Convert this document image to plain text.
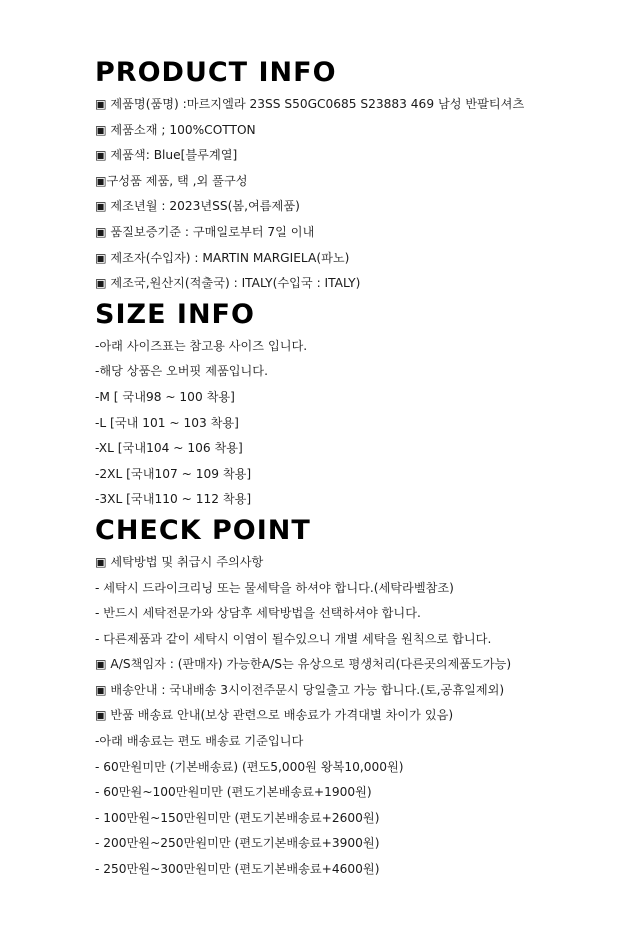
PRODUCT INFO
▣ 제품명(품명) :마르지엘라 23SS S50GC0685 S23883 469 남성 반팔티셔츠
▣ 제품소재 ; 100%COTTON
▣ 제품색: Blue[블루계열]
▣구성품 제품, 택 ,외 풀구성
▣ 제조년월 : 2023년SS(봄,여름제품)
▣ 품질보증기준 : 구매일로부터 7일 이내
▣ 제조자(수입자) : MARTIN MARGIELA(파노)
▣ 제조국,원산지(적출국) : ITALY(수입국 : ITALY)
SIZE INFO
-아래 사이즈표는 참고용 사이즈 입니다.
-해당 상품은 오버핏 제품입니다.
-M [ 국내98 ~ 100 착용]
-L [국내 101 ~ 103 착용]
-XL [국내104 ~ 106 착용]
-2XL [국내107 ~ 109 착용]
-3XL [국내110 ~ 112 착용]
CHECK POINT
▣ 세탁방법 및 취급시 주의사항
- 세탁시 드라이크리닝 또는 물세탁을 하셔야 합니다.(세탁라벨참조)
- 반드시 세탁전문가와 상담후 세탁방법을 선택하셔야 합니다.
- 다른제품과 같이 세탁시 이염이 될수있으니 개별 세탁을 원칙으로 합니다.
▣ A/S책임자 : (판매자) 가능한A/S는 유상으로 평생처리(다른곳의제품도가능)
▣ 배송안내 : 국내배송 3시이전주문시 당일출고 가능 합니다.(토,공휴일제외)
▣ 반품 배송료 안내(보상 관련으로 배송료가 가격대별 차이가 있음)
-아래 배송료는 편도 배송료 기준입니다
- 60만원미만 (기본배송료) (편도5,000원 왕복10,000원)
- 60만원~100만원미만 (편도기본배송료+1900원)
- 100만원~150만원미만 (편도기본배송료+2600원)
- 200만원~250만원미만 (편도기본배송료+3900원)
- 250만원~300만원미만 (편도기본배송료+4600원)
